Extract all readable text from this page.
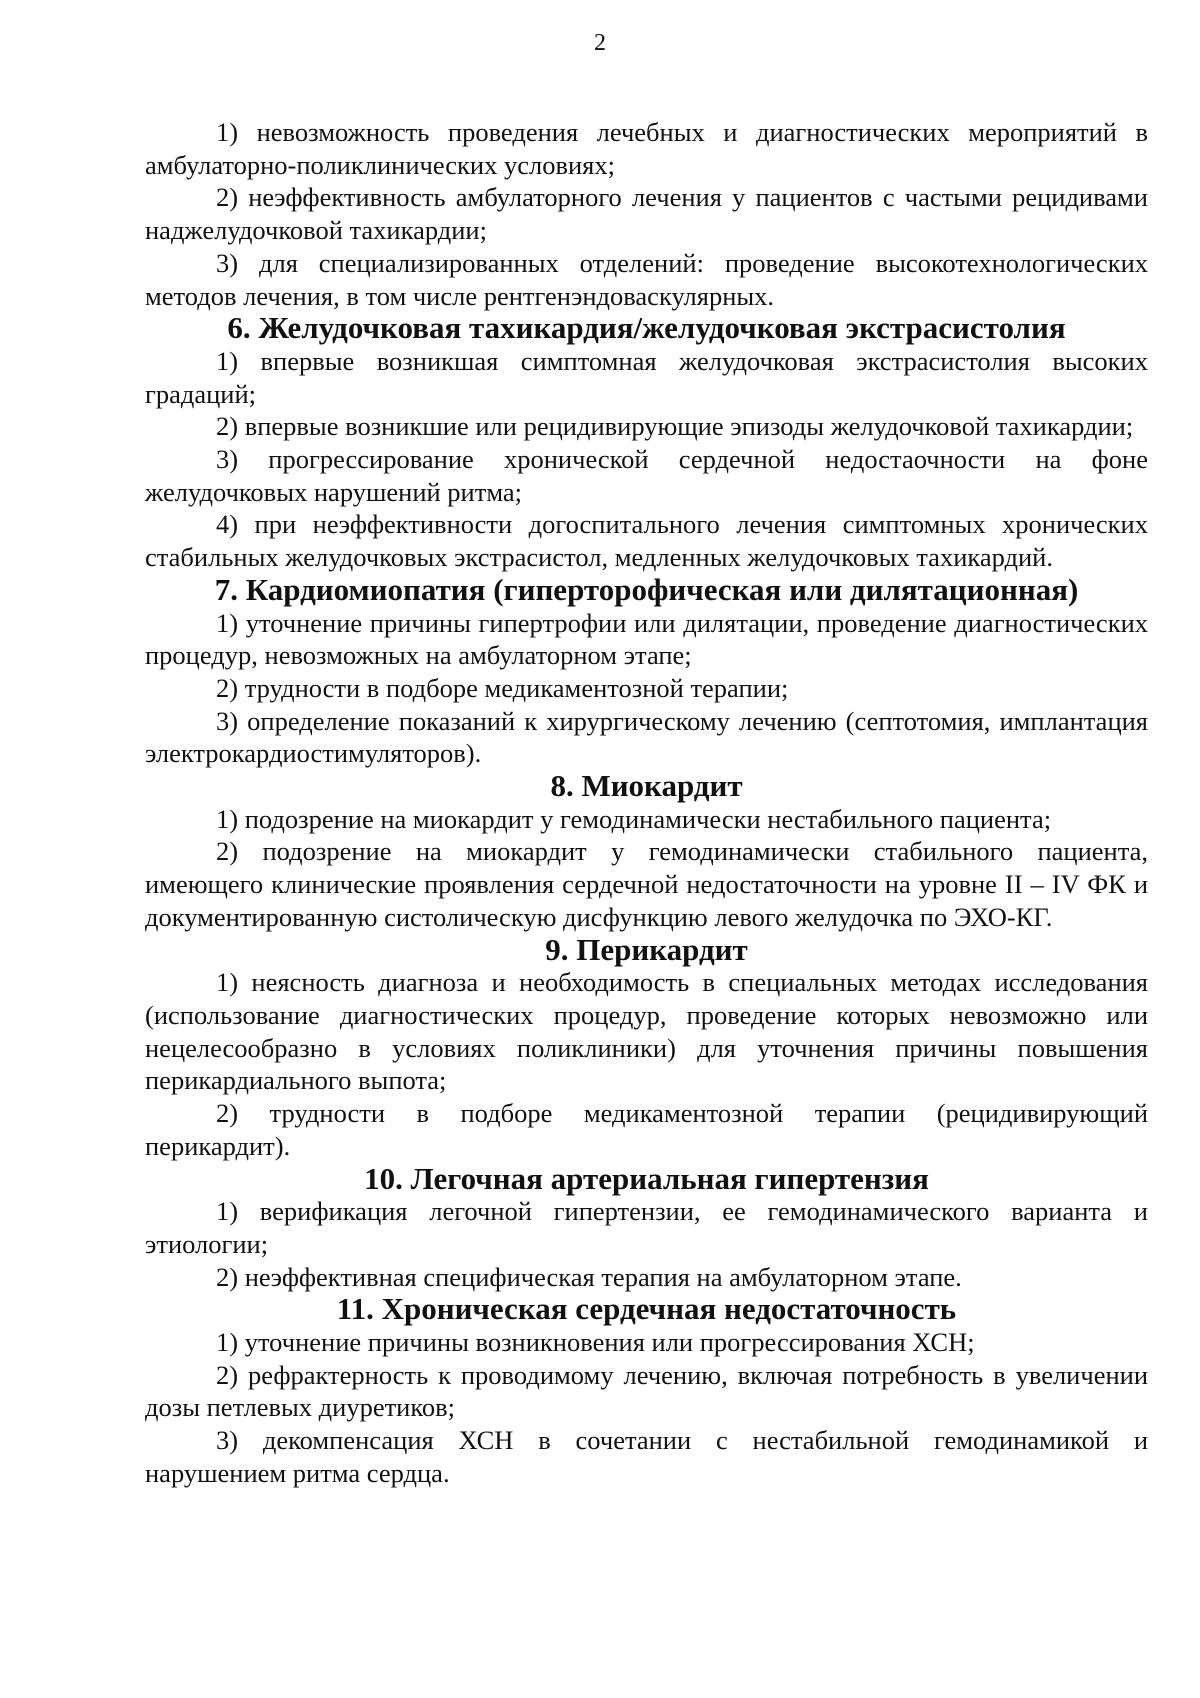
2

1) невозможность проведения лечебных и диагностических мероприятий в амбулаторно-поликлинических условиях;

2) неэффективность амбулаторного лечения у пациентов с частыми рецидивами наджелудочковой тахикардии;

3) для специализированных отделений: проведение высокотехнологических методов лечения, в том числе рентгенэндоваскулярных.

6. Желудочковая тахикардия/желудочковая экстрасистолия

1) впервые возникшая симптомная желудочковая экстрасистолия высоких градаций;

2) впервые возникшие или рецидивирующие эпизоды желудочковой тахикардии;

3) прогрессирование хронической сердечной недостаочности на фоне желудочковых нарушений ритма;

4) при неэффективности догоспитального лечения симптомных хронических стабильных желудочковых экстрасистол, медленных желудочковых тахикардий.

7. Кардиомиопатия (гиперторофическая или дилятационная)

1) уточнение причины гипертрофии или дилятации, проведение диагностических процедур, невозможных на амбулаторном этапе;

2) трудности в подборе медикаментозной терапии;

3) определение показаний к хирургическому лечению (септотомия, имплантация электрокардиостимуляторов).

8. Миокардит

1) подозрение на миокардит у гемодинамически нестабильного пациента;

2) подозрение на миокардит у гемодинамически стабильного пациента, имеющего клинические проявления сердечной недостаточности на уровне II – IV ФК и документированную систолическую дисфункцию левого желудочка по ЭХО-КГ.

9. Перикардит

1) неясность диагноза и необходимость в специальных методах исследования (использование диагностических процедур, проведение которых невозможно или нецелесообразно в условиях поликлиники) для уточнения причины повышения перикардиального выпота;

2) трудности в подборе медикаментозной терапии (рецидивирующий перикардит).

10. Легочная артериальная гипертензия

1) верификация легочной гипертензии, ее гемодинамического варианта и этиологии;

2) неэффективная специфическая терапия на амбулаторном этапе.

11. Хроническая сердечная недостаточность

1) уточнение причины возникновения или прогрессирования ХСН;

2) рефрактерность к проводимому лечению, включая потребность в увеличении дозы петлевых диуретиков;

3) декомпенсация ХСН в сочетании с нестабильной гемодинамикой и нарушением ритма сердца.
